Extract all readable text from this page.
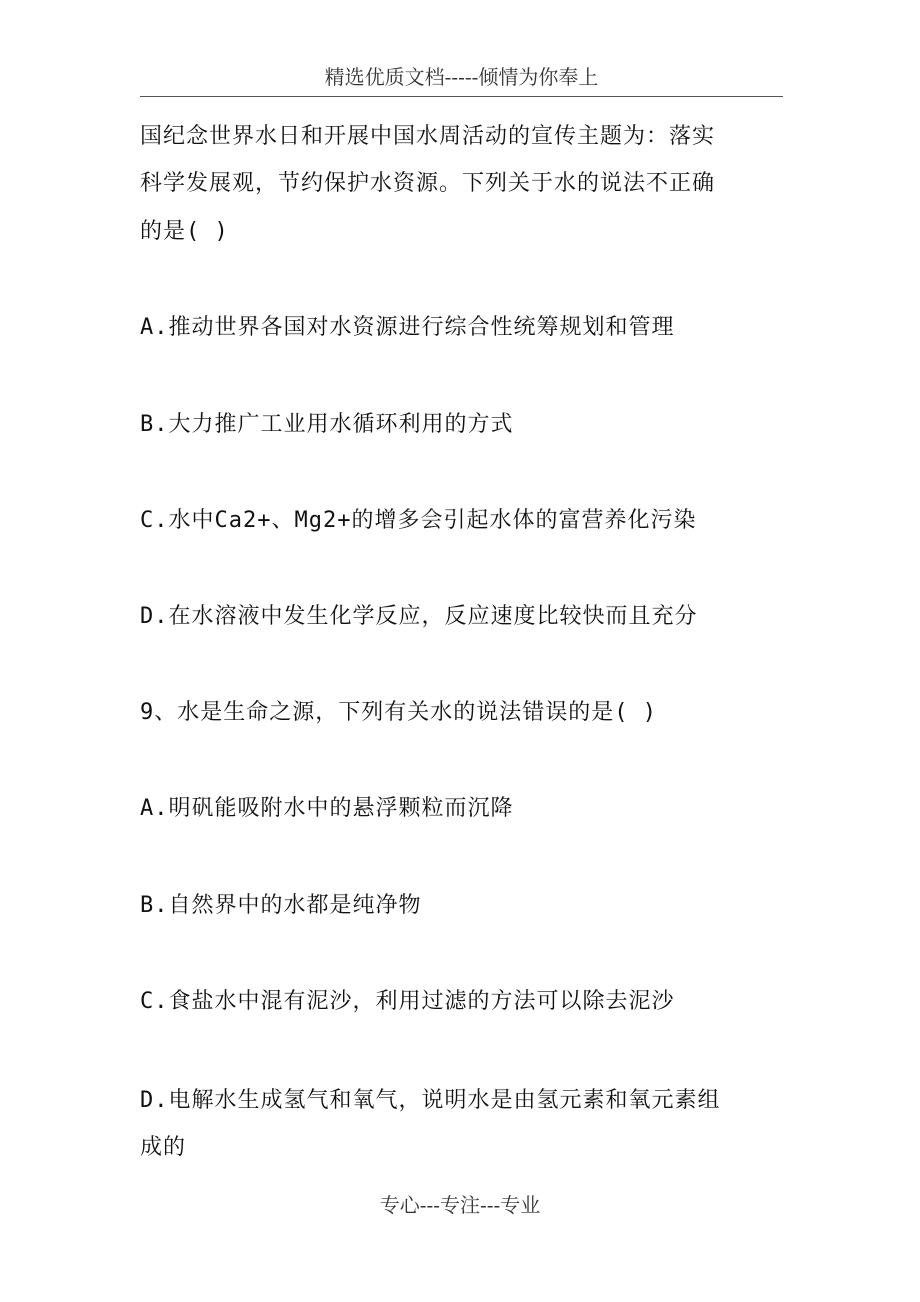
精选优质文档-----倾情为你奉上
国纪念世界水日和开展中国水周活动的宣传主题为：落实
科学发展观，节约保护水资源。下列关于水的说法不正确
的是( )
A.推动世界各国对水资源进行综合性统筹规划和管理
B.大力推广工业用水循环利用的方式
C.水中Ca2+、Mg2+的增多会引起水体的富营养化污染
D.在水溶液中发生化学反应，反应速度比较快而且充分
9、水是生命之源，下列有关水的说法错误的是( )
A.明矾能吸附水中的悬浮颗粒而沉降
B.自然界中的水都是纯净物
C.食盐水中混有泥沙，利用过滤的方法可以除去泥沙
D.电解水生成氢气和氧气，说明水是由氢元素和氧元素组
成的
专心---专注---专业
